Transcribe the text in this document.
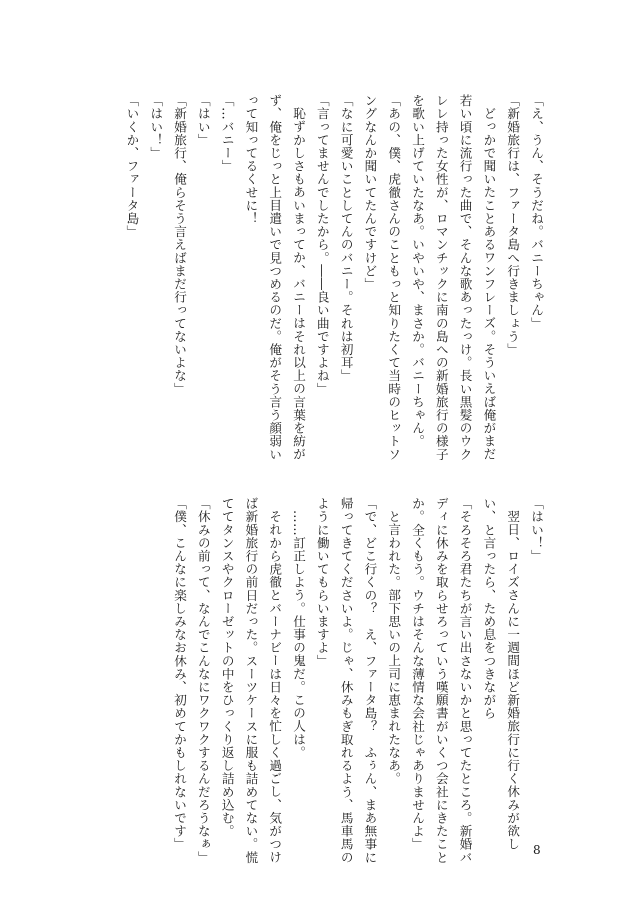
「え、うん、そうだね。バニーちゃん」
「新婚旅行は、ファータ島へ行きましょう」
どっかで聞いたことあるワンフレーズ。そういえば俺がまだ
若い頃に流行った曲で、そんな歌あったっけ。長い黒髪のウク
レレ持った女性が、ロマンチックに南の島への新婚旅行の様子
を歌い上げていたなあ。いやいや、まさか。バニーちゃん。
「あの、僕、虎徹さんのこともっと知りたくて当時のヒットソ
ングなんか聞いてたんですけど」
「なに可愛いことしてんのバニー。それは初耳」
「言ってませんでしたから。――良い曲ですよね」
恥ずかしさもあいまってか、バニーはそれ以上の言葉を紡が
ず、俺をじっと上目遣いで見つめるのだ。俺がそう言う顔弱い
って知ってるくせに！
「…バニー」
「はい」
「新婚旅行、俺らそう言えばまだ行ってないよな」
「はい！」
「いくか、ファータ島」
「はい！」
翌日、ロイズさんに一週間ほど新婚旅行に行く休みが欲し
い、と言ったら、ため息をつきながら
「そろそろ君たちが言い出さないかと思ってたところ。新婚バ
ディに休みを取らせろっていう嘆願書がいくつ会社にきたこと
か。全くもう。ウチはそんな薄情な会社じゃありませんよ」
と言われた。部下思いの上司に恵まれたなあ。
「で、どこ行くの？　え、ファータ島？　ふぅん、まあ無事に
帰ってきてくださいよ。じゃ、休みもぎ取れるよう、馬車馬の
ように働いてもらいますよ」
……訂正しよう。仕事の鬼だ。この人は。
それから虎徹とバーナビーは日々を忙しく過ごし、気がつけ
ば新婚旅行の前日だった。スーツケースに服も詰めてない。慌
ててタンスやクローゼットの中をひっくり返し詰め込む。
「休みの前って、なんでこんなにワクワクするんだろうなぁ」
「僕、こんなに楽しみなお休み、初めてかもしれないです」	8
